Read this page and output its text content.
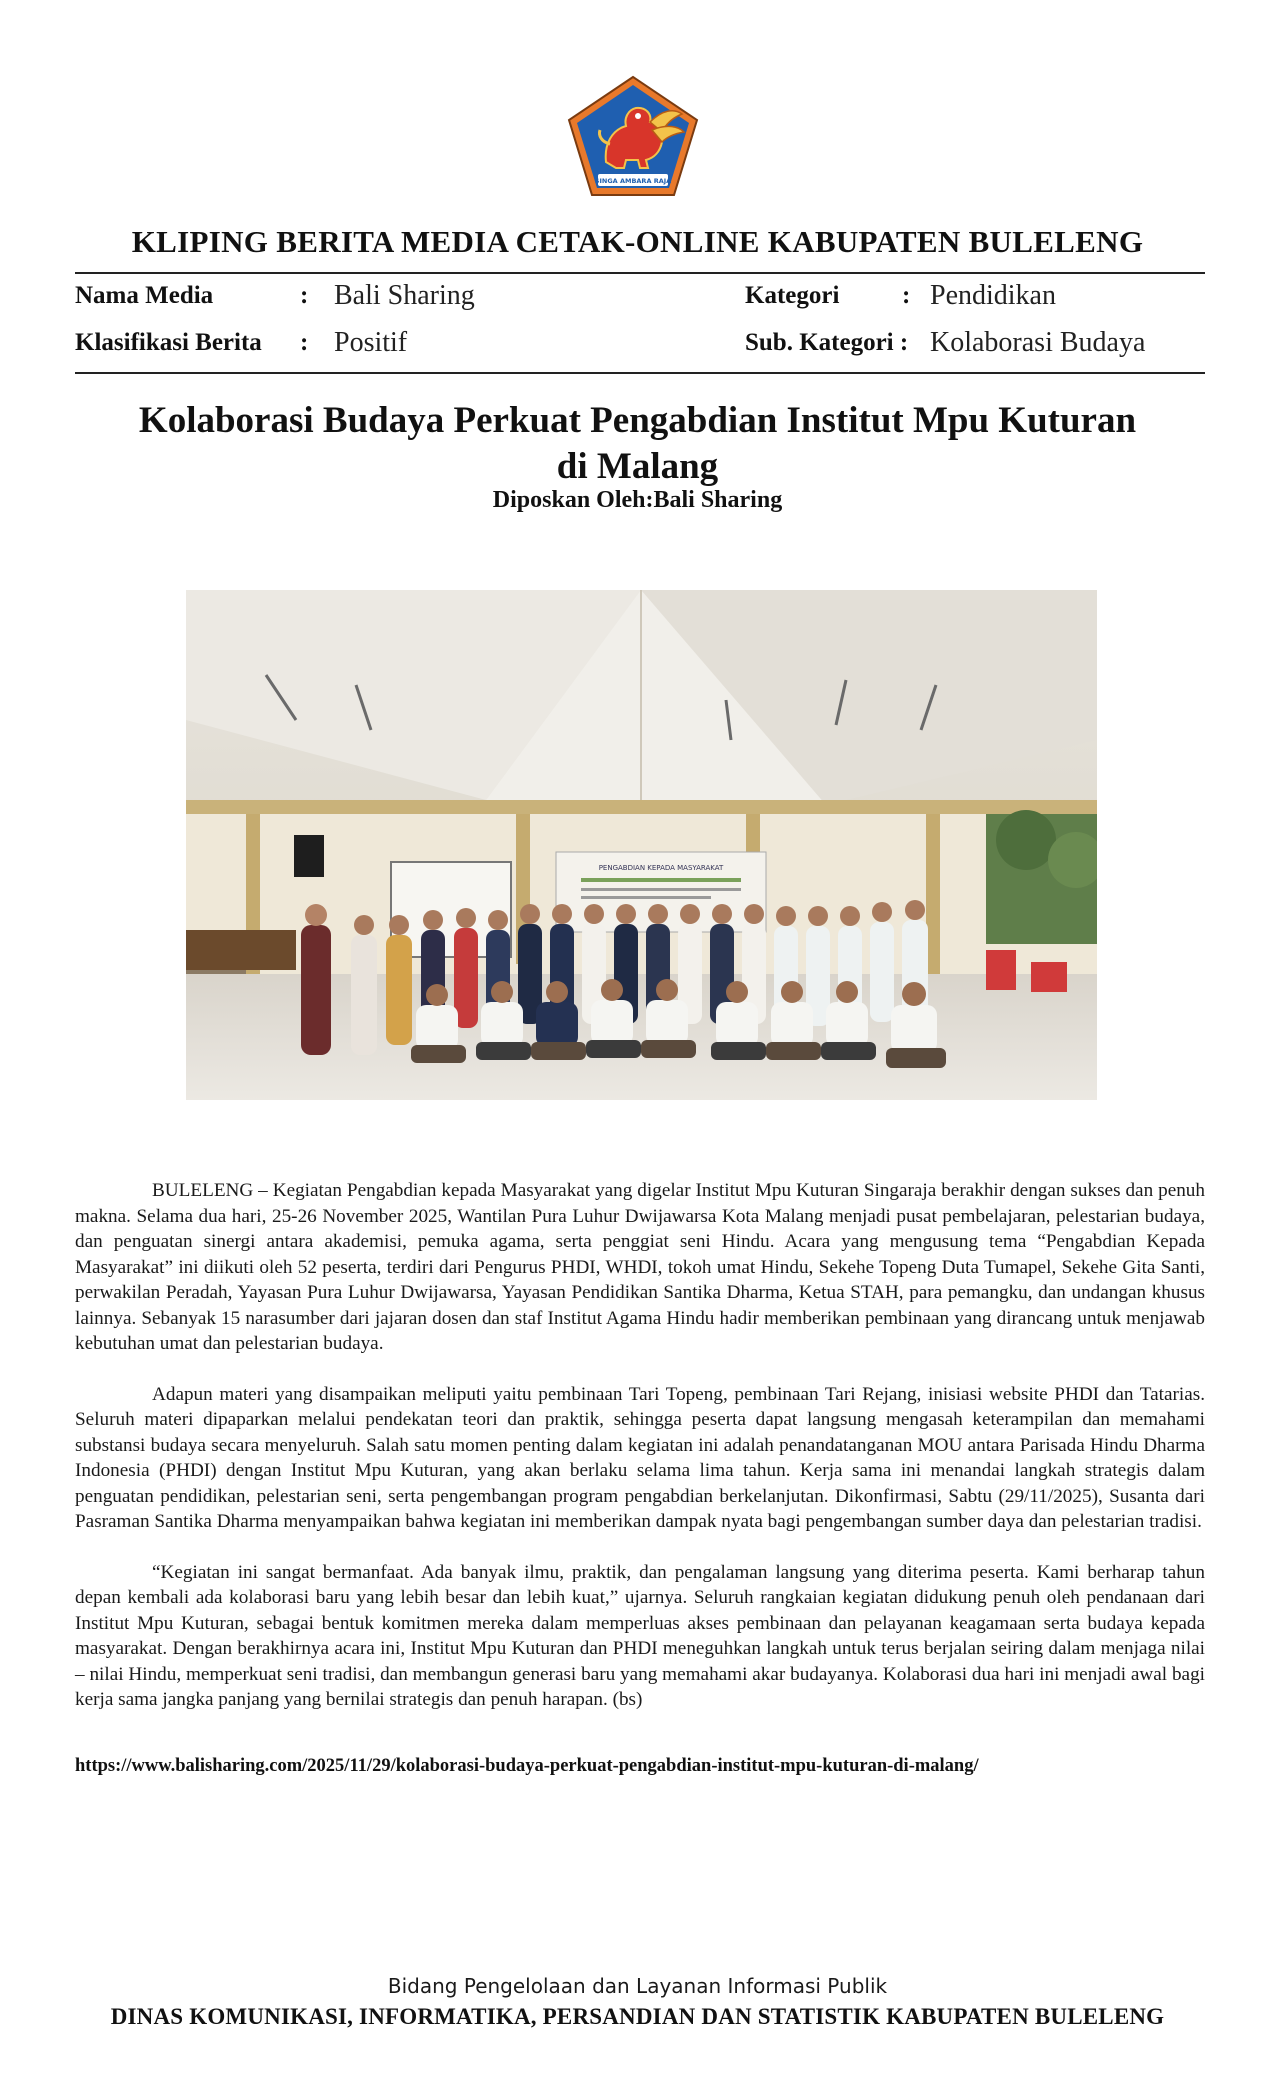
SINGA AMBARA RAJA
KLIPING BERITA MEDIA CETAK-ONLINE KABUPATEN BULELENG
Nama Media	: Bali Sharing
Klasifikasi Berita : Positif
Kategori	: Pendidikan
Sub. Kategori : Kolaborasi Budaya
Kolaborasi Budaya Perkuat Pengabdian Institut Mpu Kuturan
di Malang
Diposkan Oleh:Bali Sharing
PENGABDIAN KEPADA MASYARAKAT

BULELENG – Kegiatan Pengabdian kepada Masyarakat yang digelar Institut Mpu Kuturan Singaraja berakhir dengan sukses dan penuh makna. Selama dua hari, 25-26 November 2025, Wantilan Pura Luhur Dwijawarsa Kota Malang menjadi pusat pembelajaran, pelestarian budaya, dan penguatan sinergi antara akademisi, pemuka agama, serta penggiat seni Hindu. Acara yang mengusung tema “Pengabdian Kepada Masyarakat” ini diikuti oleh 52 peserta, terdiri dari Pengurus PHDI, WHDI, tokoh umat Hindu, Sekehe Topeng Duta Tumapel, Sekehe Gita Santi, perwakilan Peradah, Yayasan Pura Luhur Dwijawarsa, Yayasan Pendidikan Santika Dharma, Ketua STAH, para pemangku, dan undangan khusus lainnya. Sebanyak 15 narasumber dari jajaran dosen dan staf Institut Agama Hindu hadir memberikan pembinaan yang dirancang untuk menjawab kebutuhan umat dan pelestarian budaya.

Adapun materi yang disampaikan meliputi yaitu pembinaan Tari Topeng, pembinaan Tari Rejang, inisiasi website PHDI dan Tatarias. Seluruh materi dipaparkan melalui pendekatan teori dan praktik, sehingga peserta dapat langsung mengasah keterampilan dan memahami substansi budaya secara menyeluruh. Salah satu momen penting dalam kegiatan ini adalah penandatanganan MOU antara Parisada Hindu Dharma Indonesia (PHDI) dengan Institut Mpu Kuturan, yang akan berlaku selama lima tahun. Kerja sama ini menandai langkah strategis dalam penguatan pendidikan, pelestarian seni, serta pengembangan program pengabdian berkelanjutan. Dikonfirmasi, Sabtu (29/11/2025), Susanta dari Pasraman Santika Dharma menyampaikan bahwa kegiatan ini memberikan dampak nyata bagi pengembangan sumber daya dan pelestarian tradisi.

“Kegiatan ini sangat bermanfaat. Ada banyak ilmu, praktik, dan pengalaman langsung yang diterima peserta. Kami berharap tahun depan kembali ada kolaborasi baru yang lebih besar dan lebih kuat,” ujarnya. Seluruh rangkaian kegiatan didukung penuh oleh pendanaan dari Institut Mpu Kuturan, sebagai bentuk komitmen mereka dalam memperluas akses pembinaan dan pelayanan keagamaan serta budaya kepada masyarakat. Dengan berakhirnya acara ini, Institut Mpu Kuturan dan PHDI meneguhkan langkah untuk terus berjalan seiring dalam menjaga nilai – nilai Hindu, memperkuat seni tradisi, dan membangun generasi baru yang memahami akar budayanya. Kolaborasi dua hari ini menjadi awal bagi kerja sama jangka panjang yang bernilai strategis dan penuh harapan. (bs)

https://www.balisharing.com/2025/11/29/kolaborasi-budaya-perkuat-pengabdian-institut-mpu-kuturan-di-malang/
Bidang Pengelolaan dan Layanan Informasi Publik
DINAS KOMUNIKASI, INFORMATIKA, PERSANDIAN DAN STATISTIK KABUPATEN BULELENG
